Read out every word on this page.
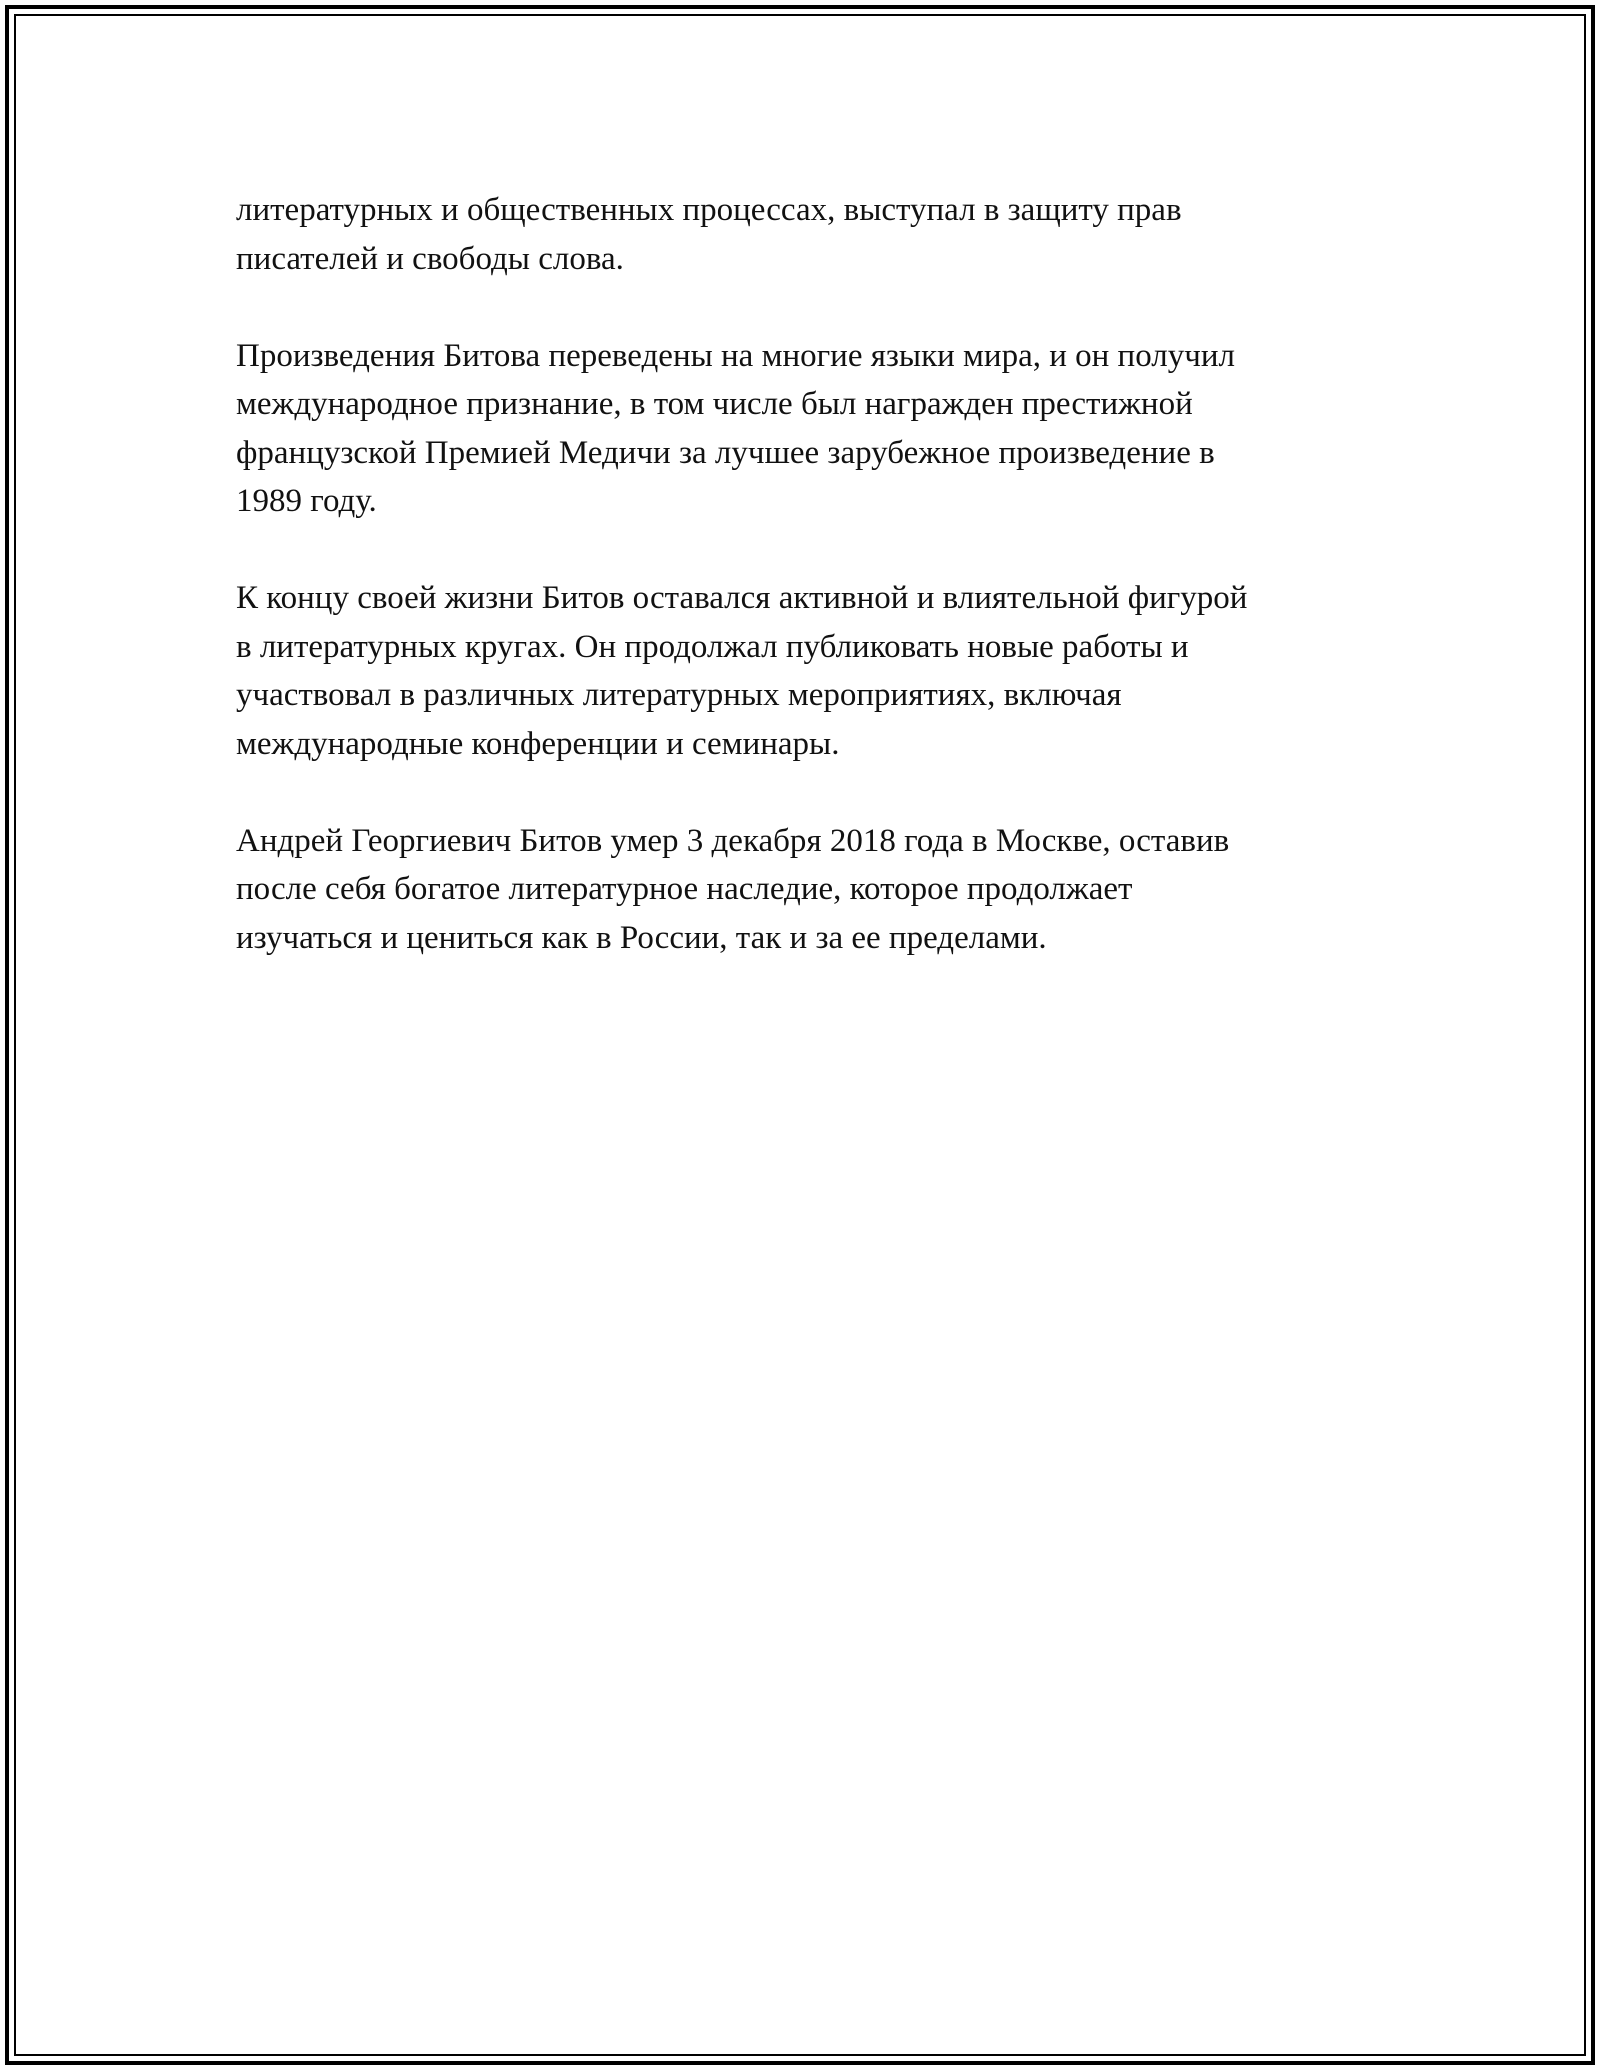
литературных и общественных процессах, выступал в защиту прав
писателей и свободы слова.

Произведения Битова переведены на многие языки мира, и он получил
международное признание, в том числе был награжден престижной
французской Премией Медичи за лучшее зарубежное произведение в
1989 году.

К концу своей жизни Битов оставался активной и влиятельной фигурой
в литературных кругах. Он продолжал публиковать новые работы и
участвовал в различных литературных мероприятиях, включая
международные конференции и семинары.

Андрей Георгиевич Битов умер 3 декабря 2018 года в Москве, оставив
после себя богатое литературное наследие, которое продолжает
изучаться и цениться как в России, так и за ее пределами.
